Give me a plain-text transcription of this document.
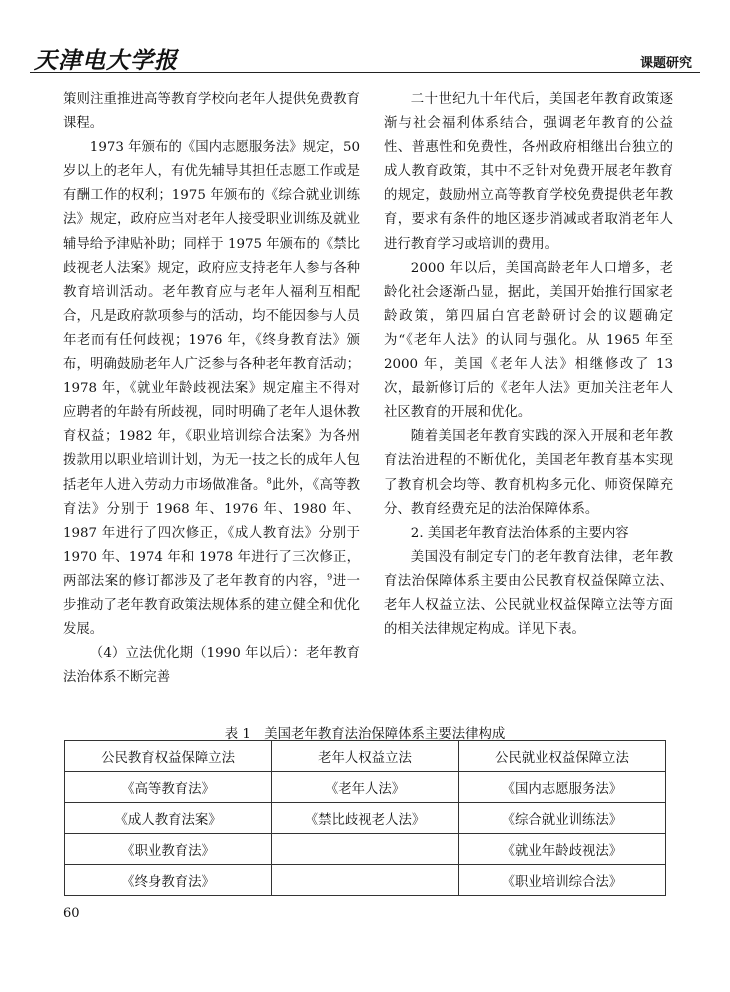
天津电大学报	课题研究

策则注重推进高等教育学校向老年人提供免费教育课程。

1973 年颁布的《国内志愿服务法》规定，50 岁以上的老年人，有优先辅导其担任志愿工作或是有酬工作的权利；1975 年颁布的《综合就业训练法》规定，政府应当对老年人接受职业训练及就业辅导给予津贴补助；同样于 1975 年颁布的《禁比歧视老人法案》规定，政府应支持老年人参与各种教育培训活动。老年教育应与老年人福利互相配合，凡是政府款项参与的活动，均不能因参与人员年老而有任何歧视；1976 年，《终身教育法》颁布，明确鼓励老年人广泛参与各种老年教育活动；1978 年，《就业年龄歧视法案》规定雇主不得对应聘者的年龄有所歧视，同时明确了老年人退休教育权益；1982 年，《职业培训综合法案》为各州拨款用以职业培训计划，为无一技之长的成年人包括老年人进入劳动力市场做准备。$^8$此外，《高等教育法》分别于 1968 年、1976 年、1980 年、1987 年进行了四次修正，《成人教育法》分别于 1970 年、1974 年和 1978 年进行了三次修正，两部法案的修订都涉及了老年教育的内容，$^9$进一步推动了老年教育政策法规体系的建立健全和优化发展。

（4）立法优化期（1990 年以后）：老年教育法治体系不断完善

二十世纪九十年代后，美国老年教育政策逐渐与社会福利体系结合，强调老年教育的公益性、普惠性和免费性，各州政府相继出台独立的成人教育政策，其中不乏针对免费开展老年教育的规定，鼓励州立高等教育学校免费提供老年教育，要求有条件的地区逐步消减或者取消老年人进行教育学习或培训的费用。

2000 年以后，美国高龄老年人口增多，老龄化社会逐渐凸显，据此，美国开始推行国家老龄政策，第四届白宫老龄研讨会的议题确定为“《老年人法》的认同与强化。从 1965 年至 2000 年，美国《老年人法》相继修改了 13 次，最新修订后的《老年人法》更加关注老年人社区教育的开展和优化。

随着美国老年教育实践的深入开展和老年教育法治进程的不断优化，美国老年教育基本实现了教育机会均等、教育机构多元化、师资保障充分、教育经费充足的法治保障体系。

2. 美国老年教育法治体系的主要内容

美国没有制定专门的老年教育法律，老年教育法治保障体系主要由公民教育权益保障立法、老年人权益立法、公民就业权益保障立法等方面的相关法律规定构成。详见下表。

表 1　美国老年教育法治保障体系主要法律构成
公民教育权益保障立法	老年人权益立法	公民就业权益保障立法
《高等教育法》	《老年人法》	《国内志愿服务法》
《成人教育法案》	《禁比歧视老人法》	《综合就业训练法》
《职业教育法》		《就业年龄歧视法》
《终身教育法》		《职业培训综合法》
60
